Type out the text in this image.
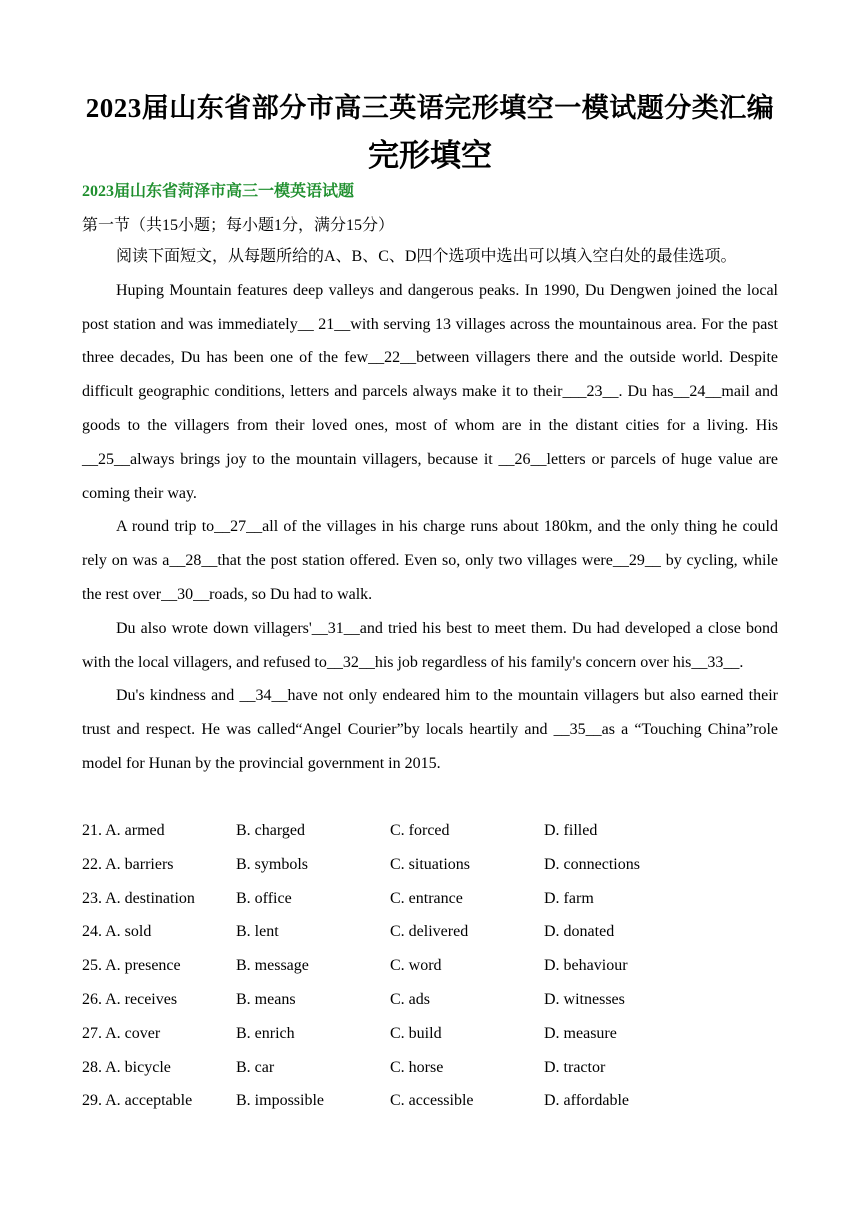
2023届山东省部分市高三英语完形填空一模试题分类汇编
完形填空
2023届山东省菏泽市高三一模英语试题
第一节（共15小题；每小题1分，满分15分）

阅读下面短文，从每题所给的A、B、C、D四个选项中选出可以填入空白处的最佳选项。

Huping Mountain features deep valleys and dangerous peaks. In 1990, Du Dengwen joined the local post station and was immediately__ 21__with serving 13 villages across the mountainous area. For the past three decades, Du has been one of the few__22__between villagers there and the outside world. Despite difficult geographic conditions, letters and parcels always make it to their___23__. Du has__24__mail and goods to the villagers from their loved ones, most of whom are in the distant cities for a living. His __25__always brings joy to the mountain villagers, because it __26__letters or parcels of huge value are coming their way.

A round trip to__27__all of the villages in his charge runs about 180km, and the only thing he could rely on was a__28__that the post station offered. Even so, only two villages were__29__ by cycling, while the rest over__30__roads, so Du had to walk.

Du also wrote down villagers'__31__and tried his best to meet them. Du had developed a close bond with the local villagers, and refused to__32__his job regardless of his family's concern over his__33__.

Du's kindness and __34__have not only endeared him to the mountain villagers but also earned their trust and respect. He was called“Angel Courier”by locals heartily and __35__as a “Touching China”role model for Hunan by the provincial government in 2015.

21. A. armed	B. charged	C. forced	D. filled
22. A. barriers	B. symbols	C. situations	D. connections
23. A. destination	B. office	C. entrance	D. farm
24. A. sold	B. lent	C. delivered	D. donated
25. A. presence	B. message	C. word	D. behaviour
26. A. receives	B. means	C. ads	D. witnesses
27. A. cover	B. enrich	C. build	D. measure
28. A. bicycle	B. car	C. horse	D. tractor
29. A. acceptable	B. impossible	C. accessible	D. affordable
